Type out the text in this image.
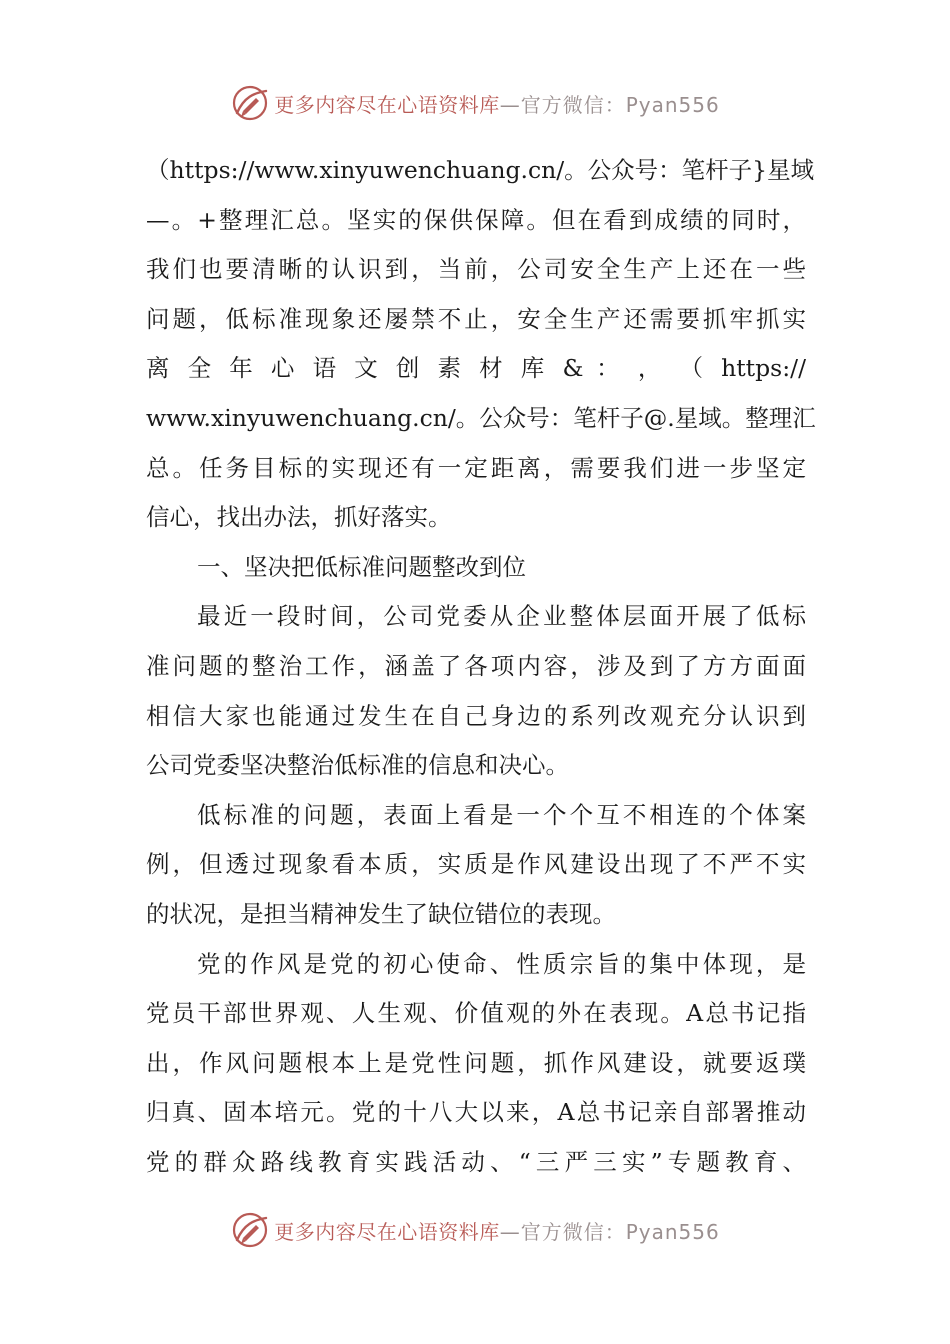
更多内容尽在心语资料库—官方微信：Pyan556
（https://www.xinyuwenchuang.cn/。公众号：笔杆子}星域
—。+整理汇总。坚实的保供保障。但在看到成绩的同时，
我们也要清晰的认识到，当前，公司安全生产上还在一些
问题，低标准现象还屡禁不止，安全生产还需要抓牢抓实
离 全 年 心 语 文 创 素 材 库 & ： ， （ https://
www.xinyuwenchuang.cn/。公众号：笔杆子@.星域。整理汇
总。任务目标的实现还有一定距离，需要我们进一步坚定
信心，找出办法，抓好落实。
一、坚决把低标准问题整改到位
最近一段时间，公司党委从企业整体层面开展了低标
准问题的整治工作，涵盖了各项内容，涉及到了方方面面
相信大家也能通过发生在自己身边的系列改观充分认识到
公司党委坚决整治低标准的信息和决心。
低标准的问题，表面上看是一个个互不相连的个体案
例，但透过现象看本质，实质是作风建设出现了不严不实
的状况，是担当精神发生了缺位错位的表现。
党的作风是党的初心使命、性质宗旨的集中体现，是
党员干部世界观、人生观、价值观的外在表现。A总书记指
出，作风问题根本上是党性问题，抓作风建设，就要返璞
归真、固本培元。党的十八大以来，A总书记亲自部署推动
党的群众路线教育实践活动、“三严三实”专题教育、
更多内容尽在心语资料库—官方微信：Pyan556
